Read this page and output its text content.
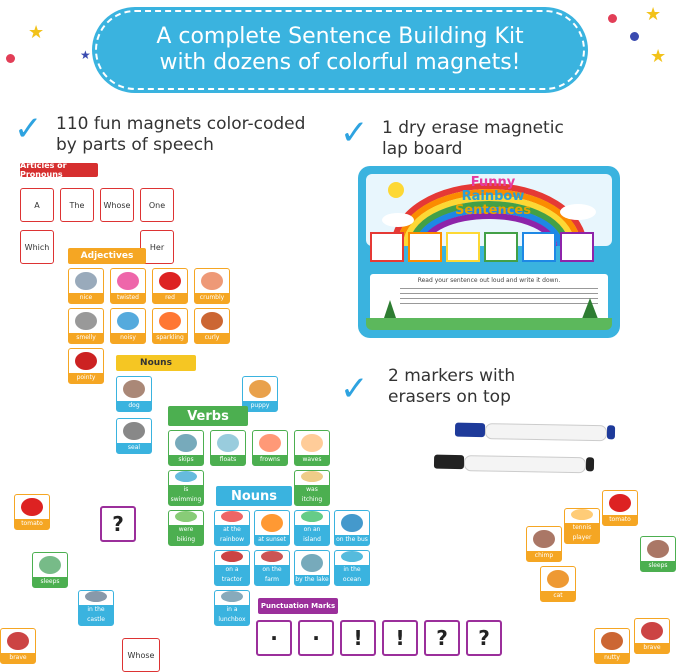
★
★
★
★
A complete Sentence Building Kit
with dozens of colorful magnets!
✓ 110 fun magnets color-coded
by parts of speech	✓ 1 dry erase magnetic
lap board
✓ 2 markers with
erasers on top
Articles or Pronouns
A	The	Whose	One
Which	Her
Adjectives
nice	twisted	red	crumbly
smelly	noisy	sparkling	curly
pointy
Nouns
dog	puppy
seal
Verbs
skips	floats	frowns	waves
is swimming
was itching
were biking
Nouns
at the rainbow	at sunset
on an island	on the bus
on a tractor
on the farm	by the lake
in the ocean
in a lunchbox
Punctuation Marks
·	·	!	!	?	?
tomato
sleeps
in the castle
brave
?
Whose
chimp
tennis player
tomato
sleeps
cat
nutty
brave
Funny
Rainbow
Sentences
Read your sentence out loud and write it down.
